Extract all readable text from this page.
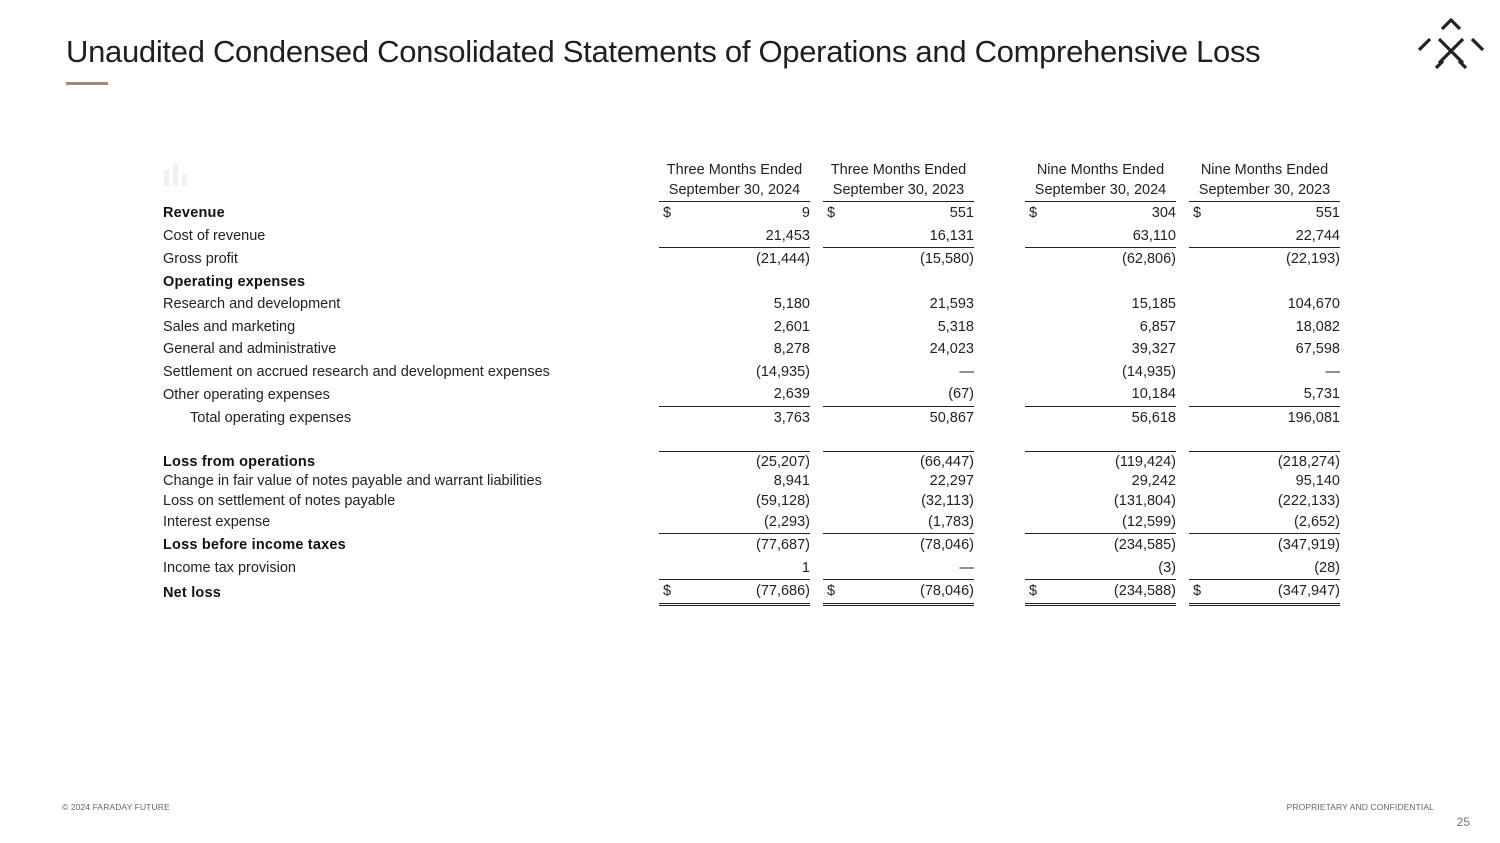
Unaudited Condensed Consolidated Statements of Operations and Comprehensive Loss
		Three Months Ended September 30, 2024			Three Months Ended September 30, 2023			Nine Months Ended September 30, 2024			Nine Months Ended September 30, 2023	
Revenue		$	9		$	551		$	304		$	551
Cost of revenue			21,453			16,131			63,110			22,744
Gross profit			(21,444)			(15,580)			(62,806)			(22,193)
Operating expenses												
Research and development			5,180			21,593			15,185			104,670
Sales and marketing			2,601			5,318			6,857			18,082
General and administrative			8,278			24,023			39,327			67,598
Settlement on accrued research and development expenses			(14,935)			—			(14,935)			—
Other operating expenses			2,639			(67)			10,184			5,731
Total operating expenses			3,763			50,867			56,618			196,081

Loss from operations			(25,207)			(66,447)			(119,424)			(218,274)
Change in fair value of notes payable and warrant liabilities			8,941			22,297			29,242			95,140
Loss on settlement of notes payable			(59,128)			(32,113)			(131,804)			(222,133)
Interest expense			(2,293)			(1,783)			(12,599)			(2,652)
Loss before income taxes			(77,687)			(78,046)			(234,585)			(347,919)
Income tax provision			1			—			(3)			(28)
Net loss		$	(77,686)		$	(78,046)		$	(234,588)		$	(347,947)
© 2024 FARADAY FUTURE	PROPRIETARY AND CONFIDENTIAL
25
